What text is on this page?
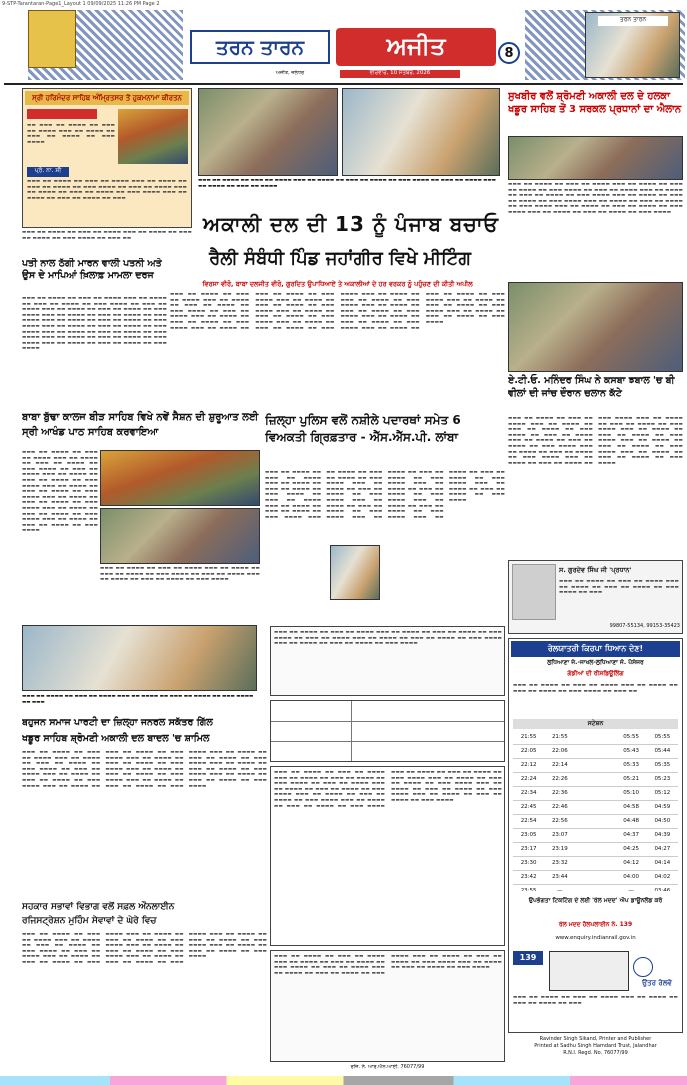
9-STP-Tarantaran-Page1_Layout 1 09/09/2025 11:26 PM Page 2
ਤਰਨ ਤਾਰਨ	ਅਜੀਤ	8
ਅਜੀਤ, ਜਲੰਧਰ	ਵੀਰਵਾਰ, 10 ਸਤੰਬਰ, 2026
ਤਰਨ ਤਾਰਨ
ਸ੍ਰੀ ਹਰਿਮੰਦਰ ਸਾਹਿਬ ਅੰਮ੍ਰਿਤਸਰ ਤੋਂ ਹੁਕਮਨਾਮਾ ਕੀਰਤਨ
▬▬ ▬▬▬ ▬▬ ▬▬▬▬ ▬▬ ▬▬▬ ▬▬ ▬▬▬▬ ▬▬▬ ▬▬ ▬▬▬▬ ▬▬ ▬▬▬ ▬▬ ▬▬▬▬ ▬▬ ▬▬▬ ▬▬▬▬
ਪ੍ਰੋ. ਨਾ. ਸੀ
▬▬▬ ▬▬ ▬▬▬▬ ▬▬ ▬▬▬ ▬▬ ▬▬▬▬ ▬▬▬ ▬▬ ▬▬▬▬ ▬▬ ▬▬▬ ▬▬ ▬▬▬▬ ▬▬ ▬▬▬ ▬▬▬▬ ▬▬ ▬▬▬ ▬▬ ▬▬▬▬ ▬▬▬ ▬▬ ▬▬▬▬ ▬▬ ▬▬▬ ▬▬ ▬▬▬▬ ▬▬ ▬▬▬ ▬▬▬▬ ▬▬▬ ▬▬ ▬▬▬▬ ▬▬ ▬▬▬ ▬▬ ▬▬▬▬ ▬▬ ▬▬▬
▬▬▬ ▬▬ ▬▬▬▬ ▬▬ ▬▬▬ ▬▬ ▬▬▬▬ ▬▬▬ ▬▬ ▬▬▬▬ ▬▬ ▬▬▬ ▬▬ ▬▬▬▬ ▬▬ ▬▬▬ ▬▬▬▬ ▬▬ ▬▬▬ ▬▬
▬▬▬ ▬▬ ▬▬▬▬ ▬▬ ▬▬▬ ▬▬ ▬▬▬▬ ▬▬▬ ▬▬ ▬▬▬▬ ▬▬ ▬▬▬ ▬▬ ▬▬▬▬ ▬▬ ▬▬▬ ▬▬▬▬ ▬▬ ▬▬▬ ▬▬ ▬▬▬▬ ▬▬▬ ▬▬ ▬▬▬▬ ▬▬ ▬▬▬ ▬▬ ▬▬▬▬
ਸੁਖਬੀਰ ਵਲੋਂ ਸ਼੍ਰੋਮਣੀ ਅਕਾਲੀ ਦਲ ਦੇ ਹਲਕਾ ਖਡੂਰ ਸਾਹਿਬ ਤੋਂ 3 ਸਰਕਲ ਪ੍ਰਧਾਨਾਂ ਦਾ ਐਲਾਨ
▬▬▬ ▬▬ ▬▬▬▬ ▬▬ ▬▬▬ ▬▬ ▬▬▬▬ ▬▬▬ ▬▬ ▬▬▬▬ ▬▬ ▬▬▬ ▬▬ ▬▬▬▬ ▬▬ ▬▬▬ ▬▬▬▬ ▬▬ ▬▬▬ ▬▬ ▬▬▬▬ ▬▬▬ ▬▬ ▬▬▬▬ ▬▬ ▬▬▬ ▬▬ ▬▬▬▬ ▬▬ ▬▬▬ ▬▬▬▬ ▬▬▬ ▬▬ ▬▬▬▬ ▬▬ ▬▬▬ ▬▬ ▬▬▬▬ ▬▬ ▬▬▬ ▬▬▬▬ ▬▬▬ ▬▬ ▬▬▬▬ ▬▬ ▬▬▬ ▬▬ ▬▬▬▬ ▬▬ ▬▬▬ ▬▬▬▬ ▬▬▬ ▬▬ ▬▬▬▬ ▬▬ ▬▬▬ ▬▬ ▬▬▬▬ ▬▬ ▬▬▬ ▬▬▬▬ ▬▬▬ ▬▬ ▬▬▬▬ ▬▬ ▬▬▬ ▬▬ ▬▬▬▬ ▬▬ ▬▬▬ ▬▬▬▬
ਅਕਾਲੀ ਦਲ ਦੀ 13 ਨੂੰ ਪੰਜਾਬ ਬਚਾਓ
ਰੈਲੀ ਸੰਬੰਧੀ ਪਿੰਡ ਜਹਾਂਗੀਰ ਵਿਖੇ ਮੀਟਿੰਗ
ਵਿਰਸਾ ਵੀਰੋ, ਬਾਬਾ ਦਲਜੀਤ ਵੀਰੋ, ਗੁਰਦਿਤ ਉਪਾਧਿਆਏ ਤੇ ਅਕਾਲੀਆਂ ਦੇ ਹਰ ਵਰਕਰ ਨੂੰ ਪਹੁੰਚਣ ਦੀ ਕੀਤੀ ਅਪੀਲ
▬▬▬ ▬▬ ▬▬▬▬ ▬▬ ▬▬▬ ▬▬ ▬▬▬▬ ▬▬▬ ▬▬ ▬▬▬▬ ▬▬ ▬▬▬ ▬▬ ▬▬▬▬ ▬▬ ▬▬▬ ▬▬▬▬ ▬▬ ▬▬▬ ▬▬ ▬▬▬▬ ▬▬▬ ▬▬ ▬▬▬▬ ▬▬ ▬▬▬ ▬▬ ▬▬▬▬ ▬▬ ▬▬▬ ▬▬▬▬ ▬▬▬ ▬▬ ▬▬▬▬ ▬▬ ▬▬▬ ▬▬ ▬▬▬▬ ▬▬ ▬▬▬ ▬▬▬▬ ▬▬▬ ▬▬ ▬▬▬▬ ▬▬ ▬▬▬ ▬▬ ▬▬▬▬ ▬▬ ▬▬▬ ▬▬▬▬ ▬▬▬ ▬▬ ▬▬▬▬ ▬▬ ▬▬▬ ▬▬ ▬▬▬▬ ▬▬ ▬▬▬ ▬▬▬▬ ▬▬▬ ▬▬ ▬▬▬▬ ▬▬ ▬▬▬ ▬▬ ▬▬▬▬ ▬▬ ▬▬▬ ▬▬▬▬ ▬▬▬ ▬▬ ▬▬▬▬ ▬▬ ▬▬▬ ▬▬ ▬▬▬▬ ▬▬ ▬▬▬ ▬▬▬▬ ▬▬▬ ▬▬ ▬▬▬▬ ▬▬ ▬▬▬ ▬▬ ▬▬▬▬ ▬▬ ▬▬▬ ▬▬▬▬ ▬▬▬ ▬▬ ▬▬▬▬ ▬▬ ▬▬▬ ▬▬ ▬▬▬▬ ▬▬ ▬▬▬ ▬▬▬▬ ▬▬▬ ▬▬ ▬▬▬▬ ▬▬ ▬▬▬ ▬▬ ▬▬▬▬ ▬▬ ▬▬▬ ▬▬▬▬ ▬▬▬ ▬▬ ▬▬▬▬ ▬▬ ▬▬▬ ▬▬ ▬▬▬▬ ▬▬ ▬▬▬ ▬▬▬▬ ▬▬▬ ▬▬ ▬▬▬▬ ▬▬ ▬▬▬ ▬▬ ▬▬▬▬ ▬▬ ▬▬▬ ▬▬▬▬
ਪਤੀ ਨਾਲ ਠੱਗੀ ਮਾਰਨ ਵਾਲੀ ਪਤਨੀ ਅਤੇ ਉਸ ਦੇ ਮਾਪਿਆਂ ਖ਼ਿਲਾਫ਼ ਮਾਮਲਾ ਦਰਜ
▬▬▬ ▬▬ ▬▬▬▬ ▬▬ ▬▬▬ ▬▬ ▬▬▬▬ ▬▬▬ ▬▬ ▬▬▬▬ ▬▬ ▬▬▬ ▬▬ ▬▬▬▬ ▬▬ ▬▬▬ ▬▬▬▬ ▬▬ ▬▬▬ ▬▬ ▬▬▬▬ ▬▬▬ ▬▬ ▬▬▬▬ ▬▬ ▬▬▬ ▬▬ ▬▬▬▬ ▬▬ ▬▬▬ ▬▬▬▬ ▬▬▬ ▬▬ ▬▬▬▬ ▬▬ ▬▬▬ ▬▬ ▬▬▬▬ ▬▬ ▬▬▬ ▬▬▬▬ ▬▬▬ ▬▬ ▬▬▬▬ ▬▬ ▬▬▬ ▬▬ ▬▬▬▬ ▬▬ ▬▬▬ ▬▬▬▬ ▬▬▬ ▬▬ ▬▬▬▬ ▬▬ ▬▬▬ ▬▬ ▬▬▬▬ ▬▬ ▬▬▬ ▬▬▬▬ ▬▬▬ ▬▬ ▬▬▬▬ ▬▬ ▬▬▬ ▬▬ ▬▬▬▬ ▬▬ ▬▬▬ ▬▬▬▬ ▬▬▬ ▬▬ ▬▬▬▬ ▬▬ ▬▬▬ ▬▬ ▬▬▬▬ ▬▬ ▬▬▬ ▬▬▬▬ ▬▬▬ ▬▬ ▬▬▬▬ ▬▬ ▬▬▬ ▬▬ ▬▬▬▬ ▬▬ ▬▬▬ ▬▬▬▬
ਬਾਬਾ ਬੁੱਢਾ ਕਾਲਜ ਬੀੜ ਸਾਹਿਬ ਵਿਖੇ ਨਵੇਂ ਸੈਸ਼ਨ ਦੀ ਸ਼ੁਰੂਆਤ ਲਈ ਸ੍ਰੀ ਆਖੰਡ ਪਾਠ ਸਾਹਿਬ ਕਰਵਾਇਆ
▬▬▬ ▬▬ ▬▬▬▬ ▬▬ ▬▬▬ ▬▬ ▬▬▬▬ ▬▬▬ ▬▬ ▬▬▬▬ ▬▬ ▬▬▬ ▬▬ ▬▬▬▬ ▬▬ ▬▬▬ ▬▬▬▬ ▬▬ ▬▬▬ ▬▬ ▬▬▬▬ ▬▬▬ ▬▬ ▬▬▬▬ ▬▬ ▬▬▬ ▬▬ ▬▬▬▬ ▬▬ ▬▬▬ ▬▬▬▬ ▬▬▬ ▬▬ ▬▬▬▬ ▬▬ ▬▬▬ ▬▬ ▬▬▬▬ ▬▬ ▬▬▬ ▬▬▬▬ ▬▬▬ ▬▬ ▬▬▬▬ ▬▬ ▬▬▬ ▬▬ ▬▬▬▬ ▬▬ ▬▬▬ ▬▬▬▬ ▬▬▬ ▬▬ ▬▬▬▬ ▬▬ ▬▬▬ ▬▬ ▬▬▬▬ ▬▬ ▬▬▬ ▬▬▬▬ ▬▬▬ ▬▬ ▬▬▬▬ ▬▬ ▬▬▬ ▬▬ ▬▬▬▬ ▬▬ ▬▬▬ ▬▬▬▬
▬▬▬ ▬▬ ▬▬▬▬ ▬▬ ▬▬▬ ▬▬ ▬▬▬▬ ▬▬▬ ▬▬ ▬▬▬▬ ▬▬ ▬▬▬ ▬▬ ▬▬▬▬ ▬▬ ▬▬▬ ▬▬▬▬ ▬▬ ▬▬▬ ▬▬ ▬▬▬▬ ▬▬▬ ▬▬ ▬▬▬▬ ▬▬ ▬▬▬ ▬▬ ▬▬▬▬ ▬▬ ▬▬▬ ▬▬▬▬
▬▬▬ ▬▬ ▬▬▬▬ ▬▬ ▬▬▬ ▬▬ ▬▬▬▬ ▬▬▬ ▬▬ ▬▬▬▬ ▬▬ ▬▬▬ ▬▬ ▬▬▬▬ ▬▬ ▬▬▬ ▬▬▬▬ ▬▬ ▬▬▬
ਜ਼ਿਲ੍ਹਾ ਪੁਲਿਸ ਵਲੋਂ ਨਸ਼ੀਲੇ ਪਦਾਰਥਾਂ ਸਮੇਤ 6 ਵਿਅਕਤੀ ਗ੍ਰਿਫ਼ਤਾਰ - ਐੱਸ.ਐੱਸ.ਪੀ. ਲਾਂਬਾ
▬▬▬ ▬▬ ▬▬▬▬ ▬▬ ▬▬▬ ▬▬ ▬▬▬▬ ▬▬▬ ▬▬ ▬▬▬▬ ▬▬ ▬▬▬ ▬▬ ▬▬▬▬ ▬▬ ▬▬▬ ▬▬▬▬ ▬▬ ▬▬▬ ▬▬ ▬▬▬▬ ▬▬▬ ▬▬ ▬▬▬▬ ▬▬ ▬▬▬ ▬▬ ▬▬▬▬ ▬▬ ▬▬▬ ▬▬▬▬ ▬▬▬ ▬▬ ▬▬▬▬ ▬▬ ▬▬▬ ▬▬ ▬▬▬▬ ▬▬ ▬▬▬ ▬▬▬▬ ▬▬▬ ▬▬ ▬▬▬▬ ▬▬ ▬▬▬ ▬▬ ▬▬▬▬ ▬▬ ▬▬▬ ▬▬▬▬ ▬▬▬ ▬▬ ▬▬▬▬ ▬▬ ▬▬▬ ▬▬ ▬▬▬▬ ▬▬ ▬▬▬ ▬▬▬▬ ▬▬▬ ▬▬ ▬▬▬▬ ▬▬ ▬▬▬ ▬▬ ▬▬▬▬ ▬▬ ▬▬▬ ▬▬▬▬ ▬▬▬ ▬▬ ▬▬▬▬ ▬▬ ▬▬▬ ▬▬ ▬▬▬▬ ▬▬ ▬▬▬ ▬▬▬▬ ▬▬▬ ▬▬ ▬▬▬▬ ▬▬ ▬▬▬ ▬▬ ▬▬▬▬ ▬▬ ▬▬▬ ▬▬▬▬ ▬▬▬ ▬▬ ▬▬▬▬ ▬▬ ▬▬▬ ▬▬ ▬▬▬▬ ▬▬ ▬▬▬ ▬▬▬▬ ▬▬▬ ▬▬ ▬▬▬▬ ▬▬ ▬▬▬ ▬▬ ▬▬▬▬ ▬▬ ▬▬▬ ▬▬▬▬
ਏ.ਟੀ.ਓ. ਮਨਿੰਦਰ ਸਿੰਘ ਨੇ ਕਸਬਾ ਝਬਾਲ 'ਚ ਬੀ ਵੀਲਾਂ ਦੀ ਜਾਂਚ ਦੌਰਾਨ ਚਲਾਨ ਕੱਟੇ
▬▬▬ ▬▬ ▬▬▬▬ ▬▬ ▬▬▬ ▬▬ ▬▬▬▬ ▬▬▬ ▬▬ ▬▬▬▬ ▬▬ ▬▬▬ ▬▬ ▬▬▬▬ ▬▬ ▬▬▬ ▬▬▬▬ ▬▬ ▬▬▬ ▬▬ ▬▬▬▬ ▬▬▬ ▬▬ ▬▬▬▬ ▬▬ ▬▬▬ ▬▬ ▬▬▬▬ ▬▬ ▬▬▬ ▬▬▬▬ ▬▬▬ ▬▬ ▬▬▬▬ ▬▬ ▬▬▬ ▬▬ ▬▬▬▬ ▬▬ ▬▬▬ ▬▬▬▬ ▬▬▬ ▬▬ ▬▬▬▬ ▬▬ ▬▬▬ ▬▬ ▬▬▬▬ ▬▬ ▬▬▬ ▬▬▬▬ ▬▬▬ ▬▬ ▬▬▬▬ ▬▬ ▬▬▬ ▬▬ ▬▬▬▬ ▬▬ ▬▬▬ ▬▬▬▬ ▬▬▬ ▬▬ ▬▬▬▬ ▬▬ ▬▬▬ ▬▬ ▬▬▬▬ ▬▬ ▬▬▬ ▬▬▬▬ ▬▬▬ ▬▬ ▬▬▬▬ ▬▬ ▬▬▬ ▬▬ ▬▬▬▬ ▬▬ ▬▬▬ ▬▬▬▬ ▬▬▬ ▬▬ ▬▬▬▬ ▬▬ ▬▬▬ ▬▬ ▬▬▬▬ ▬▬ ▬▬▬ ▬▬▬▬
ਸ. ਗੁਰਦੇਵ ਸਿੰਘ ਜੀ 'ਪ੍ਰਧਾਨ'
▬▬▬ ▬▬ ▬▬▬▬ ▬▬ ▬▬▬ ▬▬ ▬▬▬▬ ▬▬▬ ▬▬ ▬▬▬▬ ▬▬ ▬▬▬ ▬▬ ▬▬▬▬ ▬▬ ▬▬▬ ▬▬▬▬ ▬▬ ▬▬▬
99807-55134, 99153-35423
ਬਹੁਜਨ ਸਮਾਜ ਪਾਰਟੀ ਦਾ ਜ਼ਿਲ੍ਹਾ ਜਨਰਲ ਸਕੱਤਰ ਗਿੱਲ
ਖਡੂਰ ਸਾਹਿਬ ਸ਼੍ਰੋਮਣੀ ਅਕਾਲੀ ਦਲ ਬਾਦਲ 'ਚ ਸ਼ਾਮਿਲ
▬▬▬ ▬▬ ▬▬▬▬ ▬▬ ▬▬▬ ▬▬ ▬▬▬▬ ▬▬▬ ▬▬ ▬▬▬▬ ▬▬ ▬▬▬ ▬▬ ▬▬▬▬ ▬▬ ▬▬▬ ▬▬▬▬ ▬▬ ▬▬▬ ▬▬ ▬▬▬▬ ▬▬▬ ▬▬ ▬▬▬▬ ▬▬ ▬▬▬ ▬▬ ▬▬▬▬ ▬▬ ▬▬▬ ▬▬▬▬ ▬▬▬ ▬▬ ▬▬▬▬ ▬▬ ▬▬▬ ▬▬ ▬▬▬▬ ▬▬ ▬▬▬ ▬▬▬▬ ▬▬▬ ▬▬ ▬▬▬▬ ▬▬ ▬▬▬ ▬▬ ▬▬▬▬ ▬▬ ▬▬▬ ▬▬▬▬ ▬▬▬ ▬▬ ▬▬▬▬ ▬▬ ▬▬▬ ▬▬ ▬▬▬▬ ▬▬ ▬▬▬ ▬▬▬▬ ▬▬▬ ▬▬ ▬▬▬▬ ▬▬ ▬▬▬ ▬▬ ▬▬▬▬ ▬▬ ▬▬▬ ▬▬▬▬ ▬▬▬ ▬▬ ▬▬▬▬ ▬▬ ▬▬▬ ▬▬ ▬▬▬▬ ▬▬ ▬▬▬ ▬▬▬▬ ▬▬▬ ▬▬ ▬▬▬▬ ▬▬ ▬▬▬ ▬▬ ▬▬▬▬ ▬▬ ▬▬▬ ▬▬▬▬ ▬▬▬ ▬▬ ▬▬▬▬ ▬▬ ▬▬▬ ▬▬ ▬▬▬▬ ▬▬ ▬▬▬ ▬▬▬▬
ਸਹਕਾਰ ਸਭਾਵਾਂ ਵਿਭਾਗ ਵਲੋਂ ਸਫ਼ਲ ਔਨਲਾਈਨ ਰਜਿਸਟ੍ਰੇਸ਼ਨ ਮੁਹਿੰਮ ਸੇਵਾਵਾਂ ਦੇ ਘੇਰੇ ਵਿਚ
▬▬▬ ▬▬ ▬▬▬▬ ▬▬ ▬▬▬ ▬▬ ▬▬▬▬ ▬▬▬ ▬▬ ▬▬▬▬ ▬▬ ▬▬▬ ▬▬ ▬▬▬▬ ▬▬ ▬▬▬ ▬▬▬▬ ▬▬ ▬▬▬ ▬▬ ▬▬▬▬ ▬▬▬ ▬▬ ▬▬▬▬ ▬▬ ▬▬▬ ▬▬ ▬▬▬▬ ▬▬ ▬▬▬ ▬▬▬▬ ▬▬▬ ▬▬ ▬▬▬▬ ▬▬ ▬▬▬ ▬▬ ▬▬▬▬ ▬▬ ▬▬▬ ▬▬▬▬ ▬▬▬ ▬▬ ▬▬▬▬ ▬▬ ▬▬▬ ▬▬ ▬▬▬▬ ▬▬ ▬▬▬ ▬▬▬▬ ▬▬▬ ▬▬ ▬▬▬▬ ▬▬ ▬▬▬ ▬▬ ▬▬▬▬ ▬▬ ▬▬▬ ▬▬▬▬ ▬▬▬ ▬▬ ▬▬▬▬ ▬▬ ▬▬▬ ▬▬ ▬▬▬▬ ▬▬ ▬▬▬ ▬▬▬▬ ▬▬▬ ▬▬ ▬▬▬▬ ▬▬ ▬▬▬ ▬▬ ▬▬▬▬ ▬▬ ▬▬▬ ▬▬▬▬
▬▬▬ ▬▬ ▬▬▬▬ ▬▬ ▬▬▬ ▬▬ ▬▬▬▬ ▬▬▬ ▬▬ ▬▬▬▬ ▬▬ ▬▬▬ ▬▬ ▬▬▬▬ ▬▬ ▬▬▬ ▬▬▬▬ ▬▬ ▬▬▬ ▬▬ ▬▬▬▬ ▬▬▬ ▬▬ ▬▬▬▬ ▬▬ ▬▬▬ ▬▬ ▬▬▬▬ ▬▬ ▬▬▬ ▬▬▬▬ ▬▬▬ ▬▬ ▬▬▬▬ ▬▬ ▬▬▬ ▬▬ ▬▬▬▬ ▬▬ ▬▬▬ ▬▬▬▬
▬▬▬ ▬▬ ▬▬▬▬ ▬▬ ▬▬▬ ▬▬ ▬▬▬▬ ▬▬▬ ▬▬ ▬▬▬▬ ▬▬ ▬▬▬ ▬▬ ▬▬▬▬ ▬▬ ▬▬▬ ▬▬▬▬ ▬▬ ▬▬▬ ▬▬ ▬▬▬▬ ▬▬▬ ▬▬ ▬▬▬▬ ▬▬ ▬▬▬ ▬▬ ▬▬▬▬ ▬▬ ▬▬▬ ▬▬▬▬ ▬▬▬ ▬▬ ▬▬▬▬ ▬▬ ▬▬▬ ▬▬ ▬▬▬▬ ▬▬ ▬▬▬ ▬▬▬▬ ▬▬▬ ▬▬ ▬▬▬▬ ▬▬ ▬▬▬ ▬▬ ▬▬▬▬ ▬▬ ▬▬▬ ▬▬▬▬ ▬▬▬ ▬▬ ▬▬▬▬ ▬▬ ▬▬▬ ▬▬ ▬▬▬▬ ▬▬ ▬▬▬ ▬▬▬▬ ▬▬▬ ▬▬ ▬▬▬▬ ▬▬ ▬▬▬ ▬▬ ▬▬▬▬ ▬▬ ▬▬▬ ▬▬▬▬ ▬▬▬ ▬▬ ▬▬▬▬ ▬▬ ▬▬▬ ▬▬ ▬▬▬▬ ▬▬ ▬▬▬ ▬▬▬▬ ▬▬▬ ▬▬ ▬▬▬▬ ▬▬ ▬▬▬ ▬▬ ▬▬▬▬ ▬▬ ▬▬▬ ▬▬▬▬
▬▬▬ ▬▬ ▬▬▬▬ ▬▬ ▬▬▬ ▬▬ ▬▬▬▬ ▬▬▬ ▬▬ ▬▬▬▬ ▬▬ ▬▬▬ ▬▬ ▬▬▬▬ ▬▬ ▬▬▬ ▬▬▬▬ ▬▬ ▬▬▬ ▬▬ ▬▬▬▬ ▬▬▬ ▬▬ ▬▬▬▬ ▬▬ ▬▬▬ ▬▬ ▬▬▬▬ ▬▬ ▬▬▬ ▬▬▬▬ ▬▬▬ ▬▬ ▬▬▬▬ ▬▬ ▬▬▬ ▬▬ ▬▬▬▬ ▬▬ ▬▬▬ ▬▬▬▬ ▬▬▬ ▬▬ ▬▬▬▬ ▬▬ ▬▬▬ ▬▬ ▬▬▬▬ ▬▬ ▬▬▬ ▬▬▬▬
ਰੇਲਯਾਤਰੀ ਕਿਰਪਾ ਧਿਆਨ ਦੇਣ!
ਲੁਧਿਆਣਾ ਜੰ.-ਜਾਖਲ-ਲੁਧਿਆਣਾ ਜੰ. ਪੈਸੰਜਰ
ਗੱਡੀਆਂ ਦੀ ਰੀਸ਼ਡਿਊਲਿੰਗ
▬▬▬ ▬▬ ▬▬▬▬ ▬▬ ▬▬▬ ▬▬ ▬▬▬▬ ▬▬▬ ▬▬ ▬▬▬▬ ▬▬ ▬▬▬ ▬▬ ▬▬▬▬ ▬▬ ▬▬▬ ▬▬▬▬ ▬▬ ▬▬▬ ▬▬
ਸਟੇਸ਼ਨ
21:55	21:55	05:55	05:55
22:05	22:06	05:43	05:44
22:12	22:14	05:33	05:35
22:24	22:26	05:21	05:23
22:34	22:36	05:10	05:12
22:45	22:46	04:58	04:59
22:54	22:56	04:48	04:50
23:05	23:07	04:37	04:39
23:17	23:19	04:25	04:27
23:30	23:32	04:12	04:14
23:42	23:44	04:00	04:02
23:55	—	—	03:46
ਉਪਭੋਗਤਾ ਟਿਕਟਿੰਗ ਦੇ ਲਈ 'ਰੇਲ ਮਦਦ' ਐਪ ਡਾਊਨਲੋਡ ਕਰੋ
ਰੇਲ ਮਦਦ ਹੈਲਪਲਾਈਨ ਨੰ. 139
www.enquiry.indianrail.gov.in
139
ਉਤਰ ਰੇਲਵੇ
▬▬▬ ▬▬ ▬▬▬▬ ▬▬ ▬▬▬ ▬▬ ▬▬▬▬ ▬▬▬ ▬▬ ▬▬▬▬ ▬▬ ▬▬▬ ▬▬ ▬▬▬▬ ▬▬ ▬▬▬
Ravinder Singh Sikand, Printer and Publisher
Printed at Sadhu Singh Hamdard Trust, Jalandhar
R.N.I. Regd. No. 76077/99
ਰਜਿ. ਨੰ. ਆਰ.ਐਨ.ਆਈ. 76077/99
